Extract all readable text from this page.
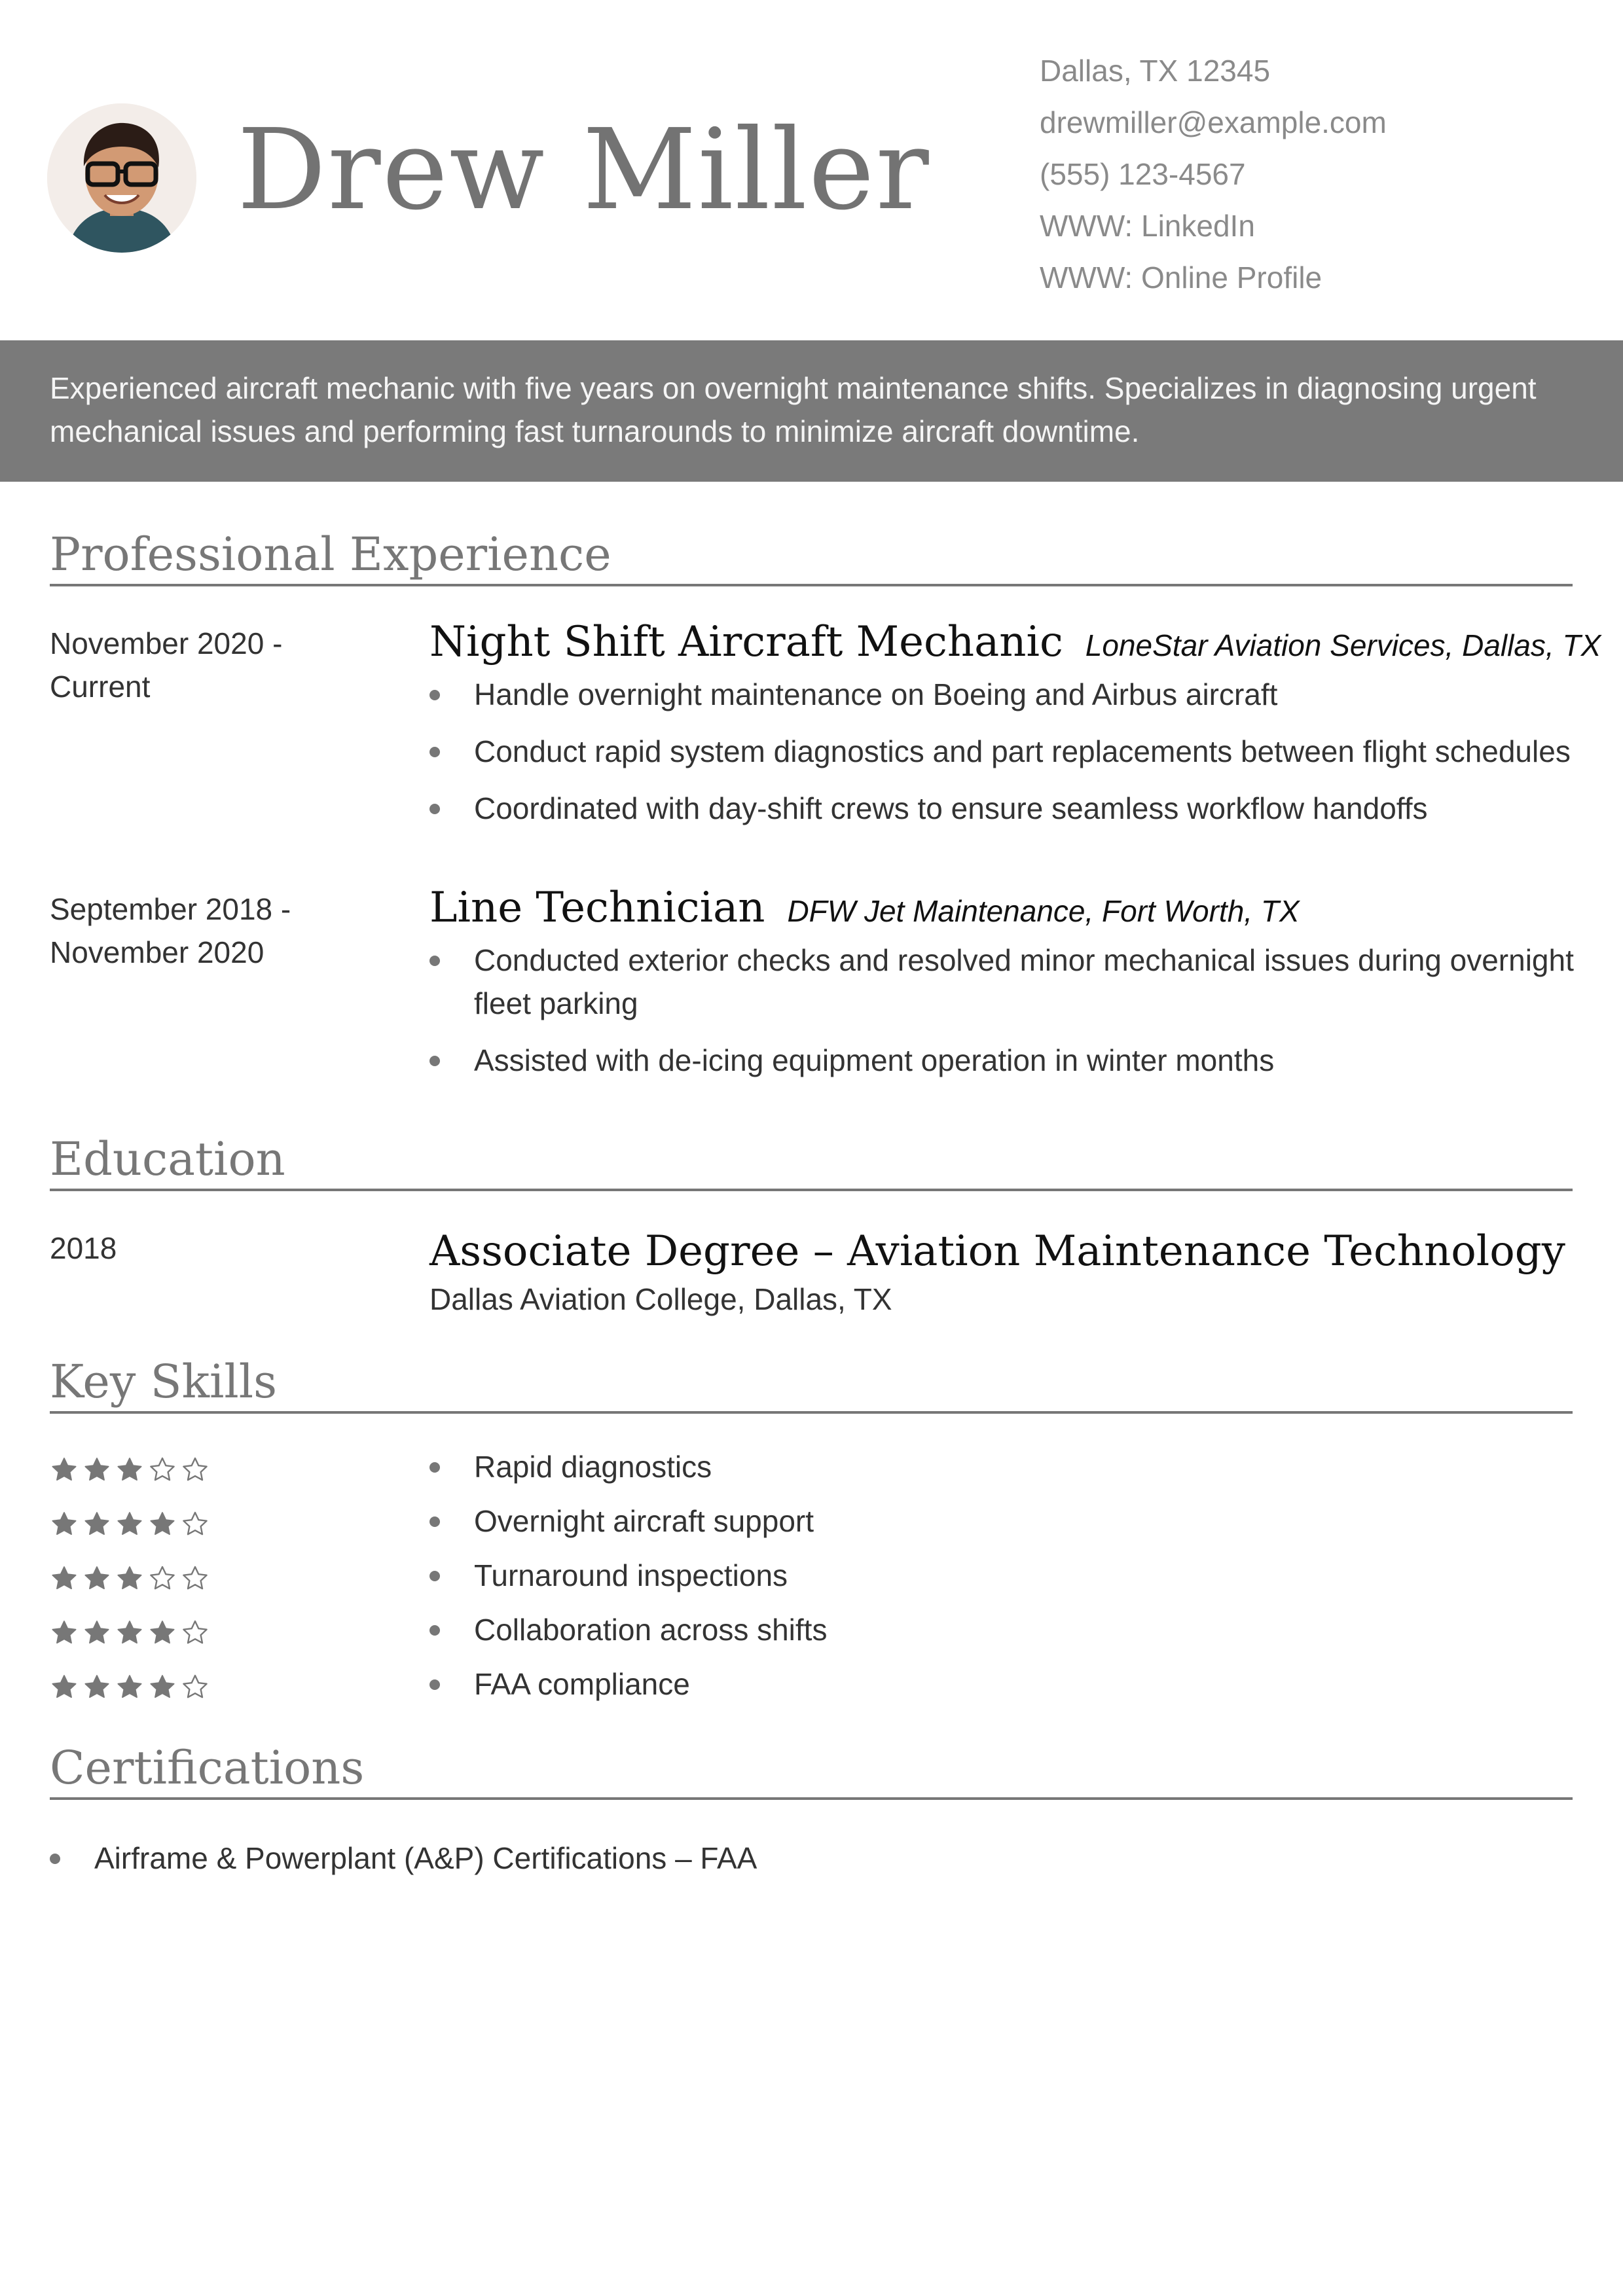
Drew Miller
Dallas, TX 12345
drewmiller@example.com
(555) 123-4567
WWW: LinkedIn
WWW: Online Profile

Experienced aircraft mechanic with five years on overnight maintenance shifts. Specializes in diagnosing urgent mechanical issues and performing fast turnarounds to minimize aircraft downtime.

Professional Experience
November 2020 - Current
Night Shift Aircraft Mechanic LoneStar Aviation Services, Dallas, TX
Handle overnight maintenance on Boeing and Airbus aircraft
Conduct rapid system diagnostics and part replacements between flight schedules
Coordinated with day-shift crews to ensure seamless workflow handoffs
September 2018 - November 2020
Line Technician DFW Jet Maintenance, Fort Worth, TX
Conducted exterior checks and resolved minor mechanical issues during overnight fleet parking
Assisted with de-icing equipment operation in winter months
Education
2018	Associate Degree – Aviation Maintenance Technology
Dallas Aviation College, Dallas, TX
Key Skills
Rapid diagnostics
Overnight aircraft support
Turnaround inspections
Collaboration across shifts
FAA compliance
Certifications
Airframe & Powerplant (A&P) Certifications – FAA
